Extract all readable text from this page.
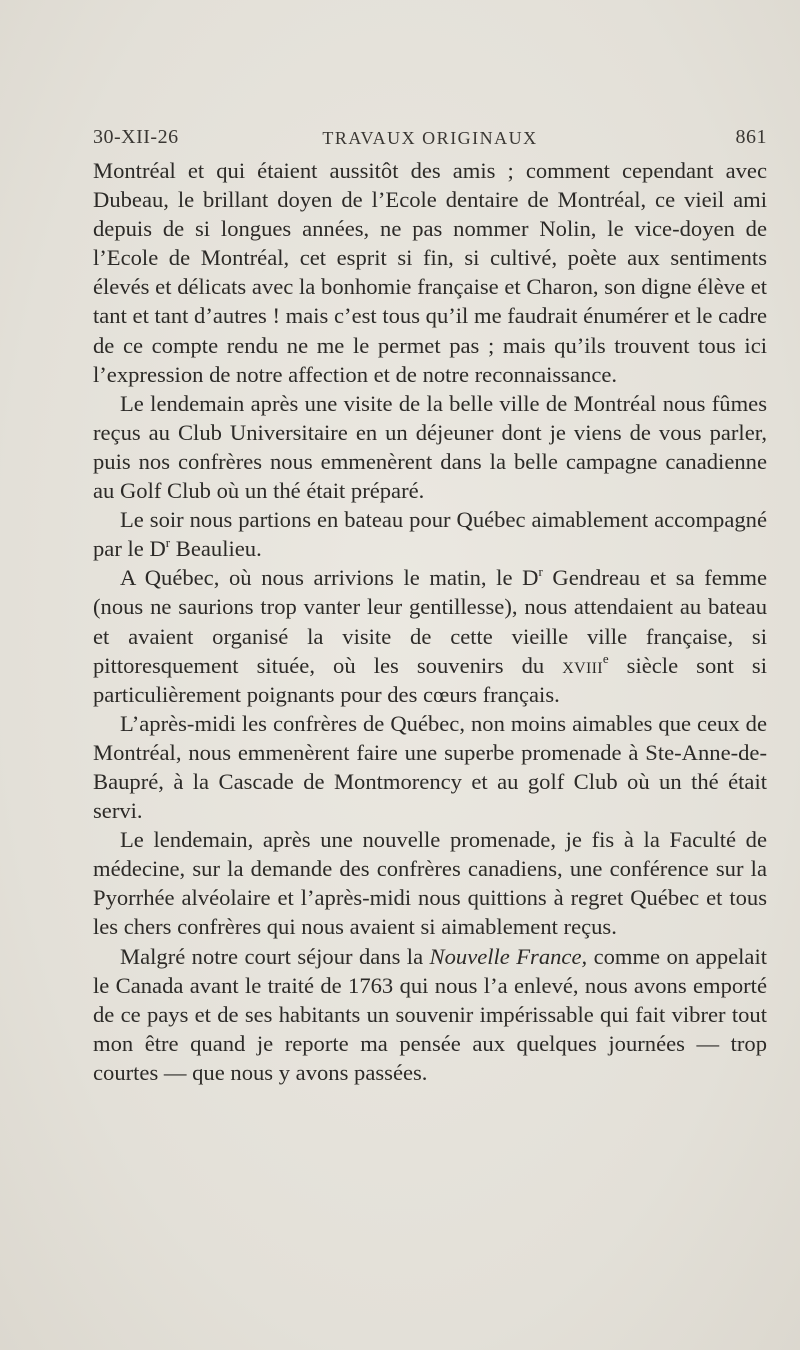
30-XII-26	TRAVAUX ORIGINAUX	861

Montréal et qui étaient aussitôt des amis ; comment cependant avec Dubeau, le brillant doyen de l’Ecole dentaire de Montréal, ce vieil ami depuis de si longues années, ne pas nommer Nolin, le vice-doyen de l’Ecole de Montréal, cet esprit si fin, si cultivé, poète aux sentiments élevés et délicats avec la bonhomie française et Charon, son digne élève et tant et tant d’autres ! mais c’est tous qu’il me faudrait énumérer et le cadre de ce compte rendu ne me le permet pas ; mais qu’ils trouvent tous ici l’expression de notre affection et de notre reconnaissance.

Le lendemain après une visite de la belle ville de Montréal nous fûmes reçus au Club Universitaire en un déjeuner dont je viens de vous parler, puis nos confrères nous emmenèrent dans la belle campagne canadienne au Golf Club où un thé était préparé.

Le soir nous partions en bateau pour Québec aimablement accompagné par le $D^r$ Beaulieu.

A Québec, où nous arrivions le matin, le $D^r$ Gendreau et sa femme (nous ne saurions trop vanter leur gentillesse), nous attendaient au bateau et avaient organisé la visite de cette vieille ville française, si pittoresquement située, où les souvenirs du xviii$^e$ siècle sont si particulièrement poignants pour des cœurs français.

L’après-midi les confrères de Québec, non moins aimables que ceux de Montréal, nous emmenèrent faire une superbe promenade à Ste-Anne-de-Baupré, à la Cascade de Montmorency et au golf Club où un thé était servi.

Le lendemain, après une nouvelle promenade, je fis à la Faculté de médecine, sur la demande des confrères canadiens, une conférence sur la Pyorrhée alvéolaire et l’après-midi nous quittions à regret Québec et tous les chers confrères qui nous avaient si aimablement reçus.

Malgré notre court séjour dans la Nouvelle France, comme on appelait le Canada avant le traité de 1763 qui nous l’a enlevé, nous avons emporté de ce pays et de ses habitants un souvenir impérissable qui fait vibrer tout mon être quand je reporte ma pensée aux quelques journées — trop courtes — que nous y avons passées.
